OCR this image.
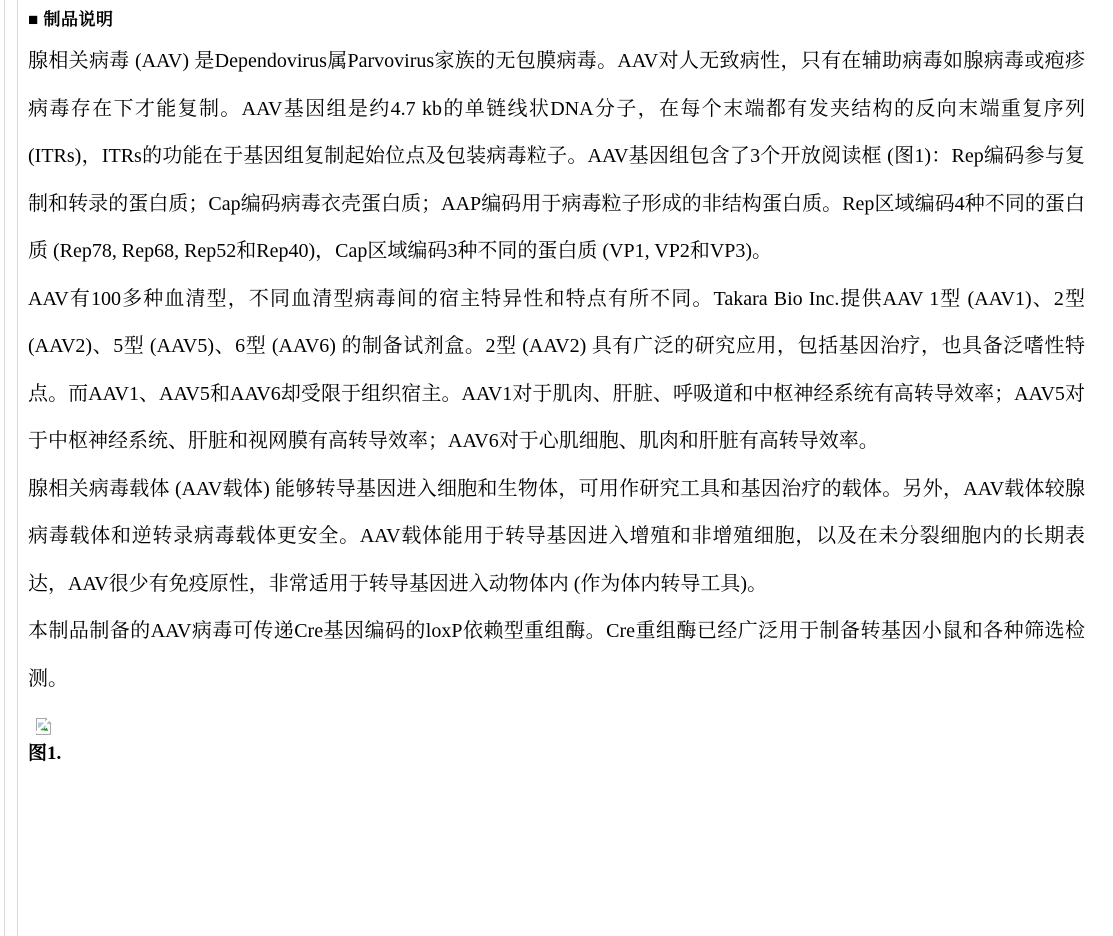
■ 制品说明

腺相关病毒 (AAV) 是Dependovirus属Parvovirus家族的无包膜病毒。AAV对人无致病性，只有在辅助病毒如腺病毒或疱疹病毒存在下才能复制。AAV基因组是约4.7 kb的单链线状DNA分子，在每个末端都有发夹结构的反向末端重复序列 (ITRs)，ITRs的功能在于基因组复制起始位点及包装病毒粒子。AAV基因组包含了3个开放阅读框 (图1)：Rep编码参与复制和转录的蛋白质；Cap编码病毒衣壳蛋白质；AAP编码用于病毒粒子形成的非结构蛋白质。Rep区域编码4种不同的蛋白质 (Rep78, Rep68, Rep52和Rep40)，Cap区域编码3种不同的蛋白质 (VP1, VP2和VP3)。

AAV有100多种血清型，不同血清型病毒间的宿主特异性和特点有所不同。Takara Bio Inc.提供AAV 1型 (AAV1)、2型 (AAV2)、5型 (AAV5)、6型 (AAV6) 的制备试剂盒。2型 (AAV2) 具有广泛的研究应用，包括基因治疗，也具备泛嗜性特点。而AAV1、AAV5和AAV6却受限于组织宿主。AAV1对于肌肉、肝脏、呼吸道和中枢神经系统有高转导效率；AAV5对于中枢神经系统、肝脏和视网膜有高转导效率；AAV6对于心肌细胞、肌肉和肝脏有高转导效率。

腺相关病毒载体 (AAV载体) 能够转导基因进入细胞和生物体，可用作研究工具和基因治疗的载体。另外，AAV载体较腺病毒载体和逆转录病毒载体更安全。AAV载体能用于转导基因进入增殖和非增殖细胞，以及在未分裂细胞内的长期表达，AAV很少有免疫原性，非常适用于转导基因进入动物体内 (作为体内转导工具)。

本制品制备的AAV病毒可传递Cre基因编码的loxP依赖型重组酶。Cre重组酶已经广泛用于制备转基因小鼠和各种筛选检测。

图1.
